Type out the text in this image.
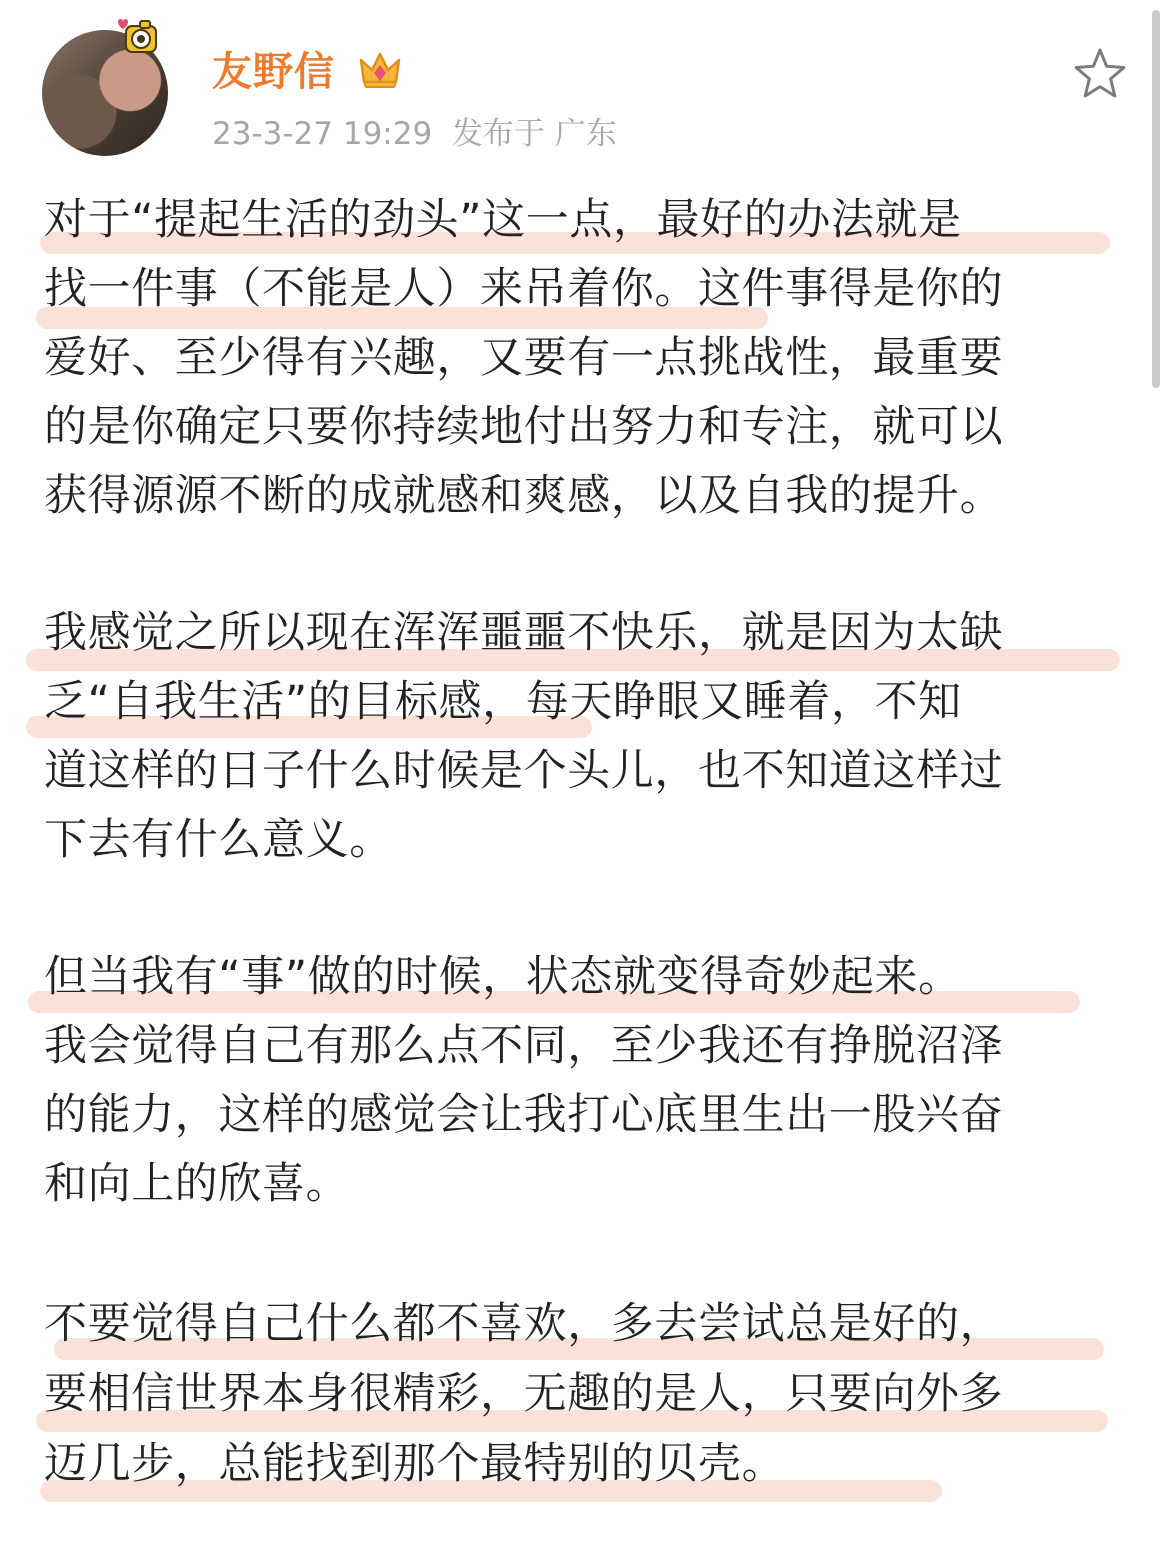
友野信
23-3-27 19:29 发布于 广东
对于“提起生活的劲头”这一点，最好的办法就是
找一件事（不能是人）来吊着你。这件事得是你的
爱好、至少得有兴趣，又要有一点挑战性，最重要
的是你确定只要你持续地付出努力和专注，就可以
获得源源不断的成就感和爽感，以及自我的提升。
我感觉之所以现在浑浑噩噩不快乐，就是因为太缺
乏“自我生活”的目标感，每天睁眼又睡着，不知
道这样的日子什么时候是个头儿，也不知道这样过
下去有什么意义。
但当我有“事”做的时候，状态就变得奇妙起来。
我会觉得自己有那么点不同，至少我还有挣脱沼泽
的能力，这样的感觉会让我打心底里生出一股兴奋
和向上的欣喜。
不要觉得自己什么都不喜欢，多去尝试总是好的，
要相信世界本身很精彩，无趣的是人，只要向外多
迈几步，总能找到那个最特别的贝壳。
